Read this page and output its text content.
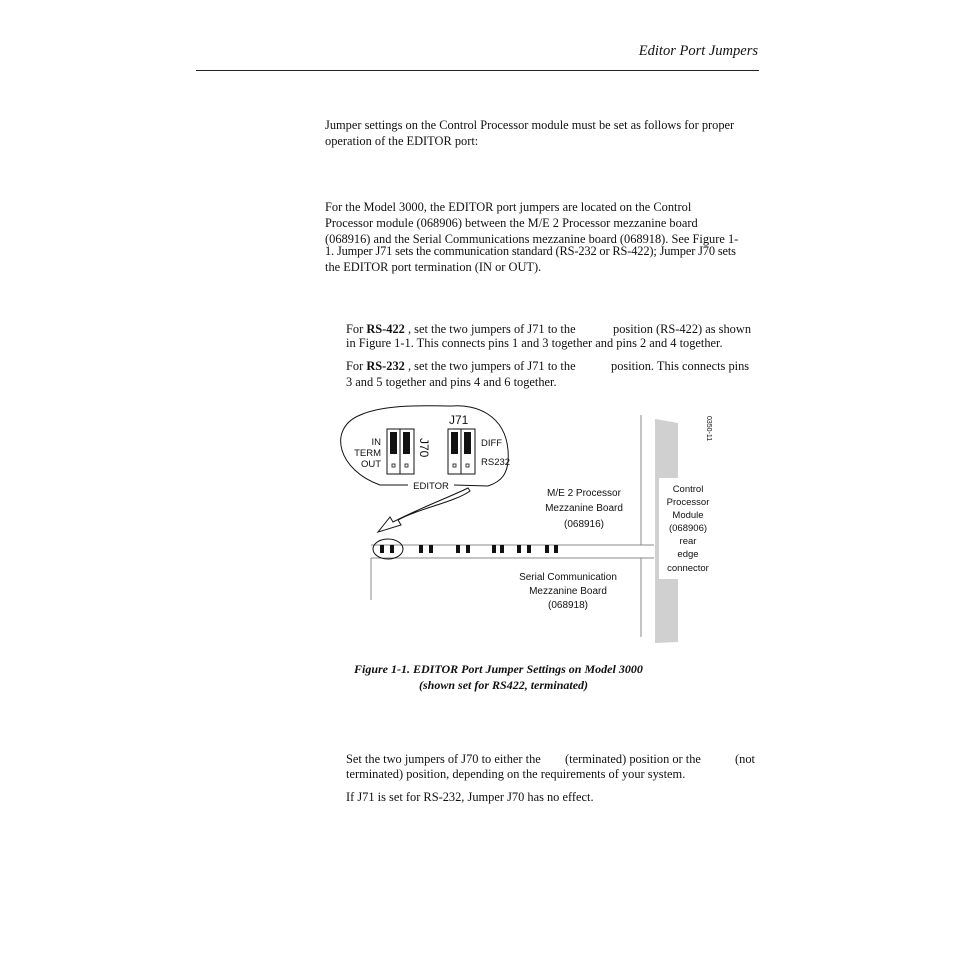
Editor Port Jumpers
Jumper settings on the Control Processor module must be set as follows for proper operation of the EDITOR port:
For the Model 3000, the EDITOR port jumpers are located on the Control
Processor module (068906) between the M/E 2 Processor mezzanine board
(068916) and the Serial Communications mezzanine board (068918). See Figure 1-
1. Jumper J71 sets the communication standard (RS-232 or RS-422); Jumper J70 sets
the EDITOR port termination (IN or OUT).
For RS-422 , set the two jumpers of J71 to the	position (RS-422) as shown
in Figure 1-1. This connects pins 1 and 3 together and pins 2 and 4 together.
For RS-232 , set the two jumpers of J71 to the	position. This connects pins
3 and 5 together and pins 4 and 6 together.
J71
J70
IN
TERM
OUT
DIFF
RS232
EDITOR
0350-11
M/E 2 Processor
Mezzanine Board
(068916)
Serial Communication
Mezzanine Board
(068918)
Control
Processor
Module
(068906)
rear
edge
connector
Figure 1-1. EDITOR Port Jumper Settings on Model 3000
(shown set for RS422, terminated)
Set the two jumpers of J70 to either the (terminated) position or the	(not
terminated) position, depending on the requirements of your system.
If J71 is set for RS-232, Jumper J70 has no effect.
